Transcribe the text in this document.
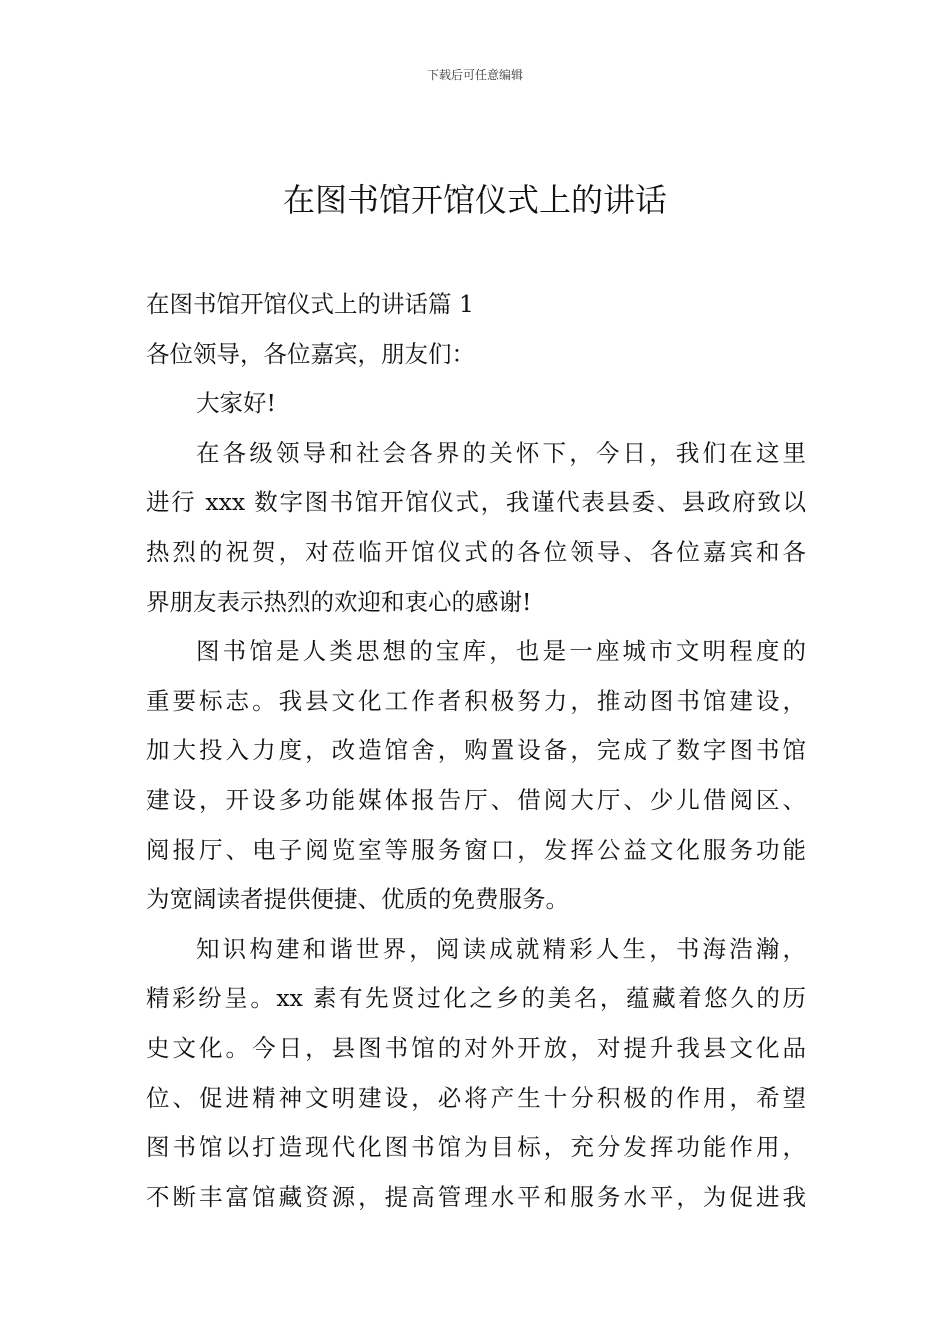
下载后可任意编辑
在图书馆开馆仪式上的讲话
在图书馆开馆仪式上的讲话篇 1
各位领导，各位嘉宾，朋友们：
大家好!
在各级领导和社会各界的关怀下，今日，我们在这里
进行 xxx 数字图书馆开馆仪式，我谨代表县委、县政府致以
热烈的祝贺，对莅临开馆仪式的各位领导、各位嘉宾和各
界朋友表示热烈的欢迎和衷心的感谢!
图书馆是人类思想的宝库，也是一座城市文明程度的
重要标志。我县文化工作者积极努力，推动图书馆建设，
加大投入力度，改造馆舍，购置设备，完成了数字图书馆
建设，开设多功能媒体报告厅、借阅大厅、少儿借阅区、
阅报厅、电子阅览室等服务窗口，发挥公益文化服务功能
为宽阔读者提供便捷、优质的免费服务。
知识构建和谐世界，阅读成就精彩人生，书海浩瀚，
精彩纷呈。xx 素有先贤过化之乡的美名，蕴藏着悠久的历
史文化。今日，县图书馆的对外开放，对提升我县文化品
位、促进精神文明建设，必将产生十分积极的作用，希望
图书馆以打造现代化图书馆为目标，充分发挥功能作用，
不断丰富馆藏资源，提高管理水平和服务水平，为促进我
